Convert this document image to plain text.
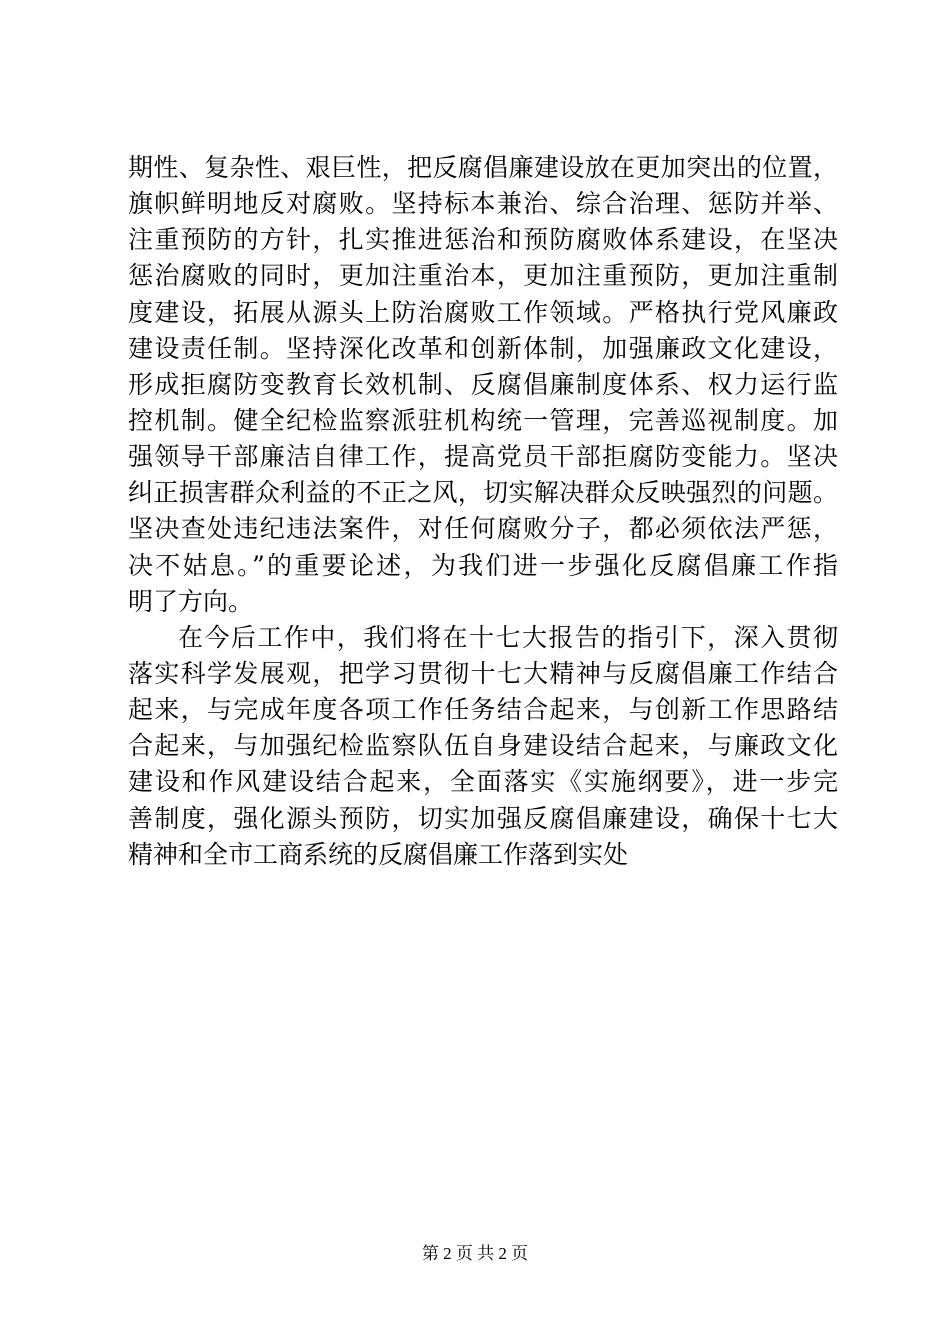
期性、复杂性、艰巨性，把反腐倡廉建设放在更加突出的位置，
旗帜鲜明地反对腐败。坚持标本兼治、综合治理、惩防并举、
注重预防的方针，扎实推进惩治和预防腐败体系建设，在坚决
惩治腐败的同时，更加注重治本，更加注重预防，更加注重制
度建设，拓展从源头上防治腐败工作领域。严格执行党风廉政
建设责任制。坚持深化改革和创新体制，加强廉政文化建设，
形成拒腐防变教育长效机制、反腐倡廉制度体系、权力运行监
控机制。健全纪检监察派驻机构统一管理，完善巡视制度。加
强领导干部廉洁自律工作，提高党员干部拒腐防变能力。坚决
纠正损害群众利益的不正之风，切实解决群众反映强烈的问题。
坚决查处违纪违法案件，对任何腐败分子，都必须依法严惩，
决不姑息。”的重要论述，为我们进一步强化反腐倡廉工作指
明了方向。
在今后工作中，我们将在十七大报告的指引下，深入贯彻
落实科学发展观，把学习贯彻十七大精神与反腐倡廉工作结合
起来，与完成年度各项工作任务结合起来，与创新工作思路结
合起来，与加强纪检监察队伍自身建设结合起来，与廉政文化
建设和作风建设结合起来，全面落实《实施纲要》，进一步完
善制度，强化源头预防，切实加强反腐倡廉建设，确保十七大
精神和全市工商系统的反腐倡廉工作落到实处
第 2 页 共 2 页
